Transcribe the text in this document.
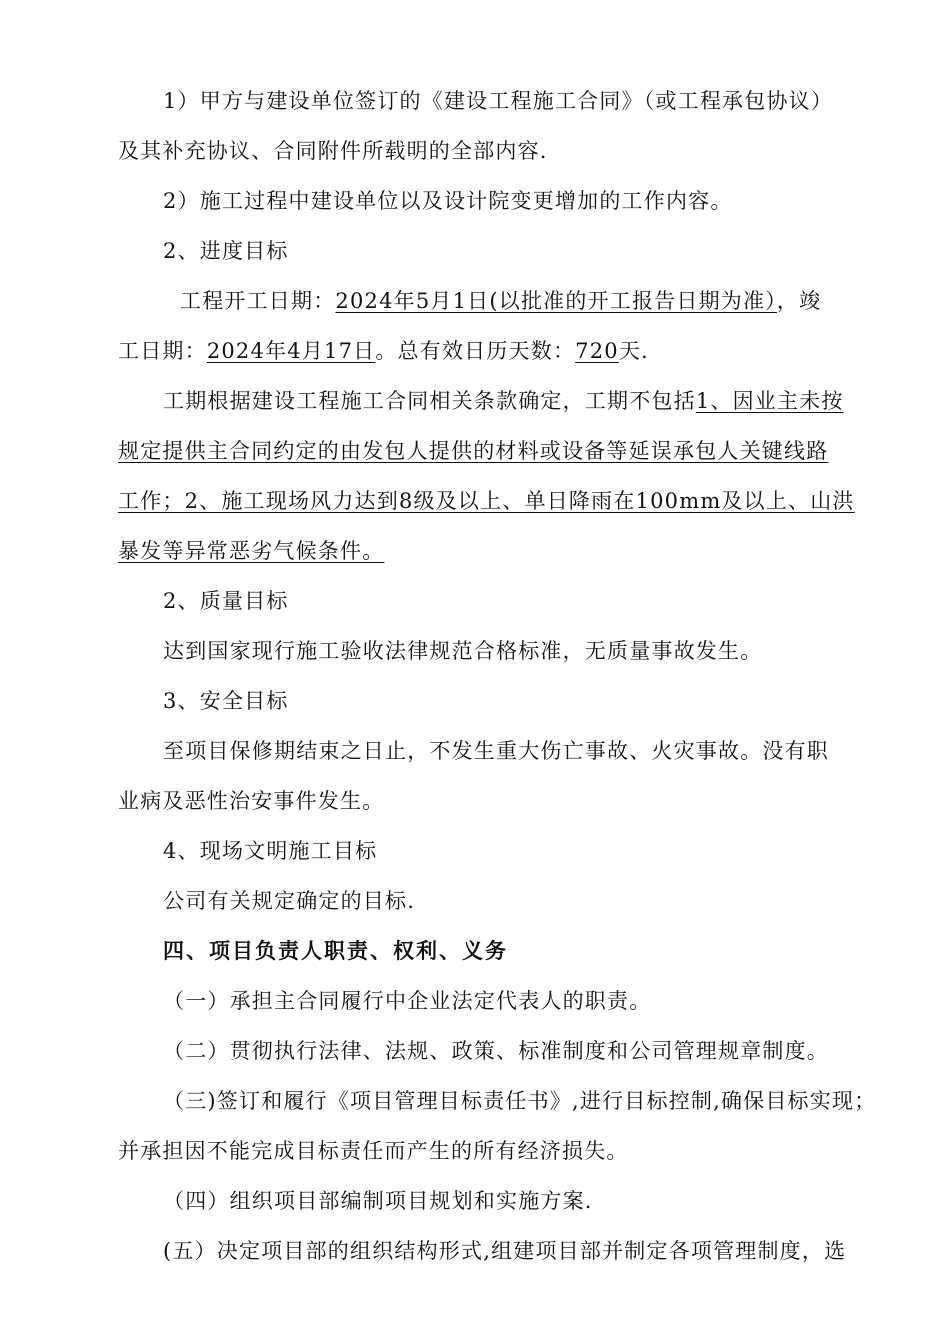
1）甲方与建设单位签订的《建设工程施工合同》（或工程承包协议）
及其补充协议、合同附件所载明的全部内容.
2）施工过程中建设单位以及设计院变更增加的工作内容。
2、进度目标
工程开工日期：2024年5月1日(以批准的开工报告日期为准），竣
工日期：2024年4月17日。总有效日历天数：720天.
工期根据建设工程施工合同相关条款确定，工期不包括1、因业主未按
规定提供主合同约定的由发包人提供的材料或设备等延误承包人关键线路
工作；2、施工现场风力达到8级及以上、单日降雨在100mm及以上、山洪
暴发等异常恶劣气候条件。
2、质量目标
达到国家现行施工验收法律规范合格标准，无质量事故发生。
3、安全目标
至项目保修期结束之日止，不发生重大伤亡事故、火灾事故。没有职
业病及恶性治安事件发生。
4、现场文明施工目标
公司有关规定确定的目标.
四、项目负责人职责、权利、义务
（一）承担主合同履行中企业法定代表人的职责。
（二）贯彻执行法律、法规、政策、标准制度和公司管理规章制度。
（三)签订和履行《项目管理目标责任书》,进行目标控制,确保目标实现；
并承担因不能完成目标责任而产生的所有经济损失。
（四）组织项目部编制项目规划和实施方案.
(五）决定项目部的组织结构形式,组建项目部并制定各项管理制度，选
